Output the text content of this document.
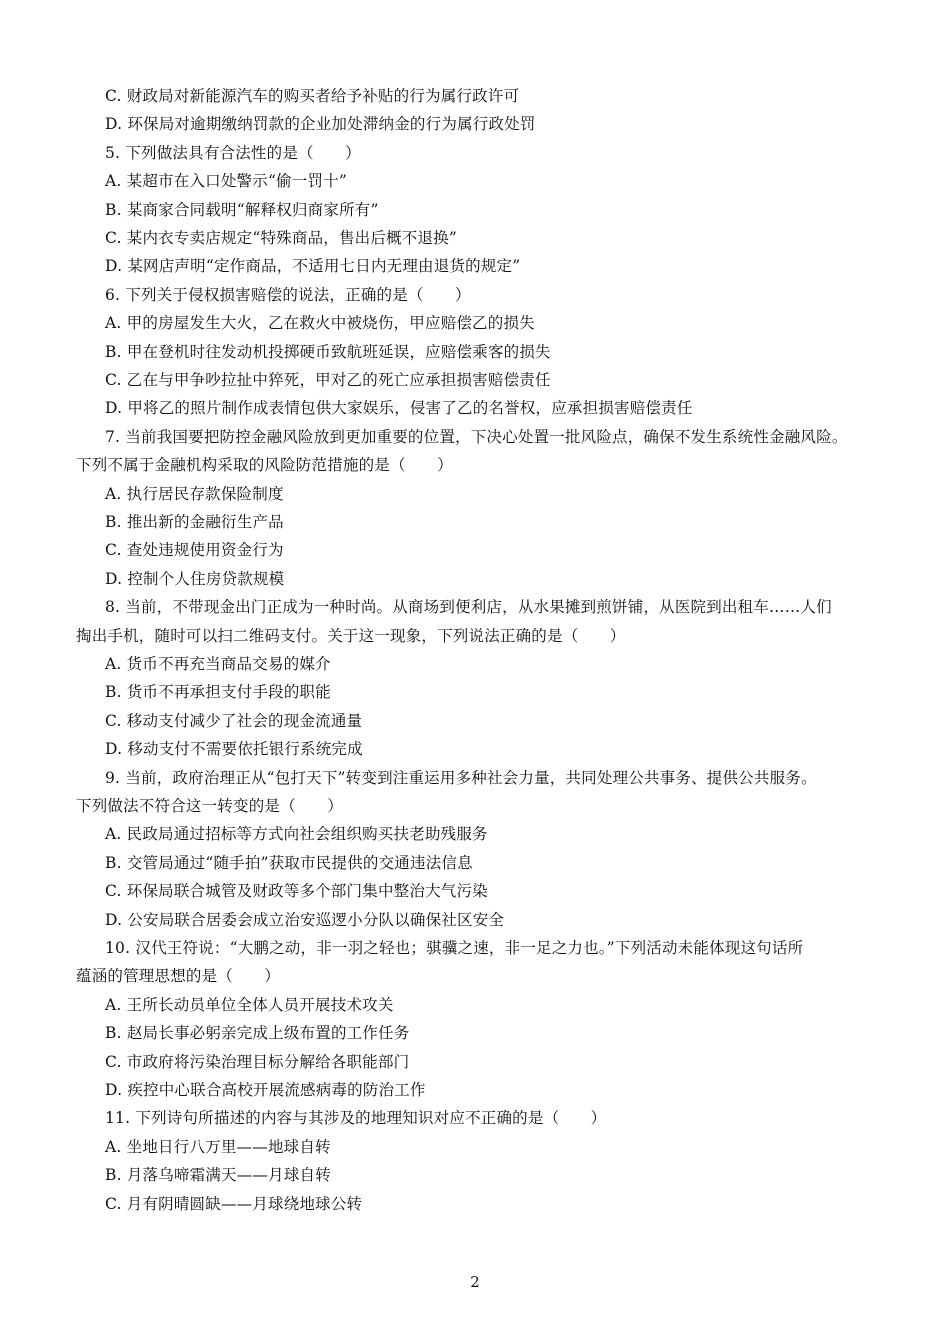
C. 财政局对新能源汽车的购买者给予补贴的行为属行政许可
D. 环保局对逾期缴纳罚款的企业加处滞纳金的行为属行政处罚
5. 下列做法具有合法性的是（　　）
A. 某超市在入口处警示“偷一罚十”
B. 某商家合同载明“解释权归商家所有”
C. 某内衣专卖店规定“特殊商品，售出后概不退换”
D. 某网店声明“定作商品，不适用七日内无理由退货的规定”
6. 下列关于侵权损害赔偿的说法，正确的是（　　）
A. 甲的房屋发生大火，乙在救火中被烧伤，甲应赔偿乙的损失
B. 甲在登机时往发动机投掷硬币致航班延误，应赔偿乘客的损失
C. 乙在与甲争吵拉扯中猝死，甲对乙的死亡应承担损害赔偿责任
D. 甲将乙的照片制作成表情包供大家娱乐，侵害了乙的名誉权，应承担损害赔偿责任
7. 当前我国要把防控金融风险放到更加重要的位置，下决心处置一批风险点，确保不发生系统性金融风险。
下列不属于金融机构采取的风险防范措施的是（　　）
A. 执行居民存款保险制度
B. 推出新的金融衍生产品
C. 查处违规使用资金行为
D. 控制个人住房贷款规模
8. 当前，不带现金出门正成为一种时尚。从商场到便利店，从水果摊到煎饼铺，从医院到出租车……人们
掏出手机，随时可以扫二维码支付。关于这一现象，下列说法正确的是（　　）
A. 货币不再充当商品交易的媒介
B. 货币不再承担支付手段的职能
C. 移动支付减少了社会的现金流通量
D. 移动支付不需要依托银行系统完成
9. 当前，政府治理正从“包打天下”转变到注重运用多种社会力量，共同处理公共事务、提供公共服务。
下列做法不符合这一转变的是（　　）
A. 民政局通过招标等方式向社会组织购买扶老助残服务
B. 交管局通过“随手拍”获取市民提供的交通违法信息
C. 环保局联合城管及财政等多个部门集中整治大气污染
D. 公安局联合居委会成立治安巡逻小分队以确保社区安全
10. 汉代王符说：“大鹏之动，非一羽之轻也；骐骥之速，非一足之力也。”下列活动未能体现这句话所
蕴涵的管理思想的是（　　）
A. 王所长动员单位全体人员开展技术攻关
B. 赵局长事必躬亲完成上级布置的工作任务
C. 市政府将污染治理目标分解给各职能部门
D. 疾控中心联合高校开展流感病毒的防治工作
11. 下列诗句所描述的内容与其涉及的地理知识对应不正确的是（　　）
A. 坐地日行八万里——地球自转
B. 月落乌啼霜满天——月球自转
C. 月有阴晴圆缺——月球绕地球公转
2
